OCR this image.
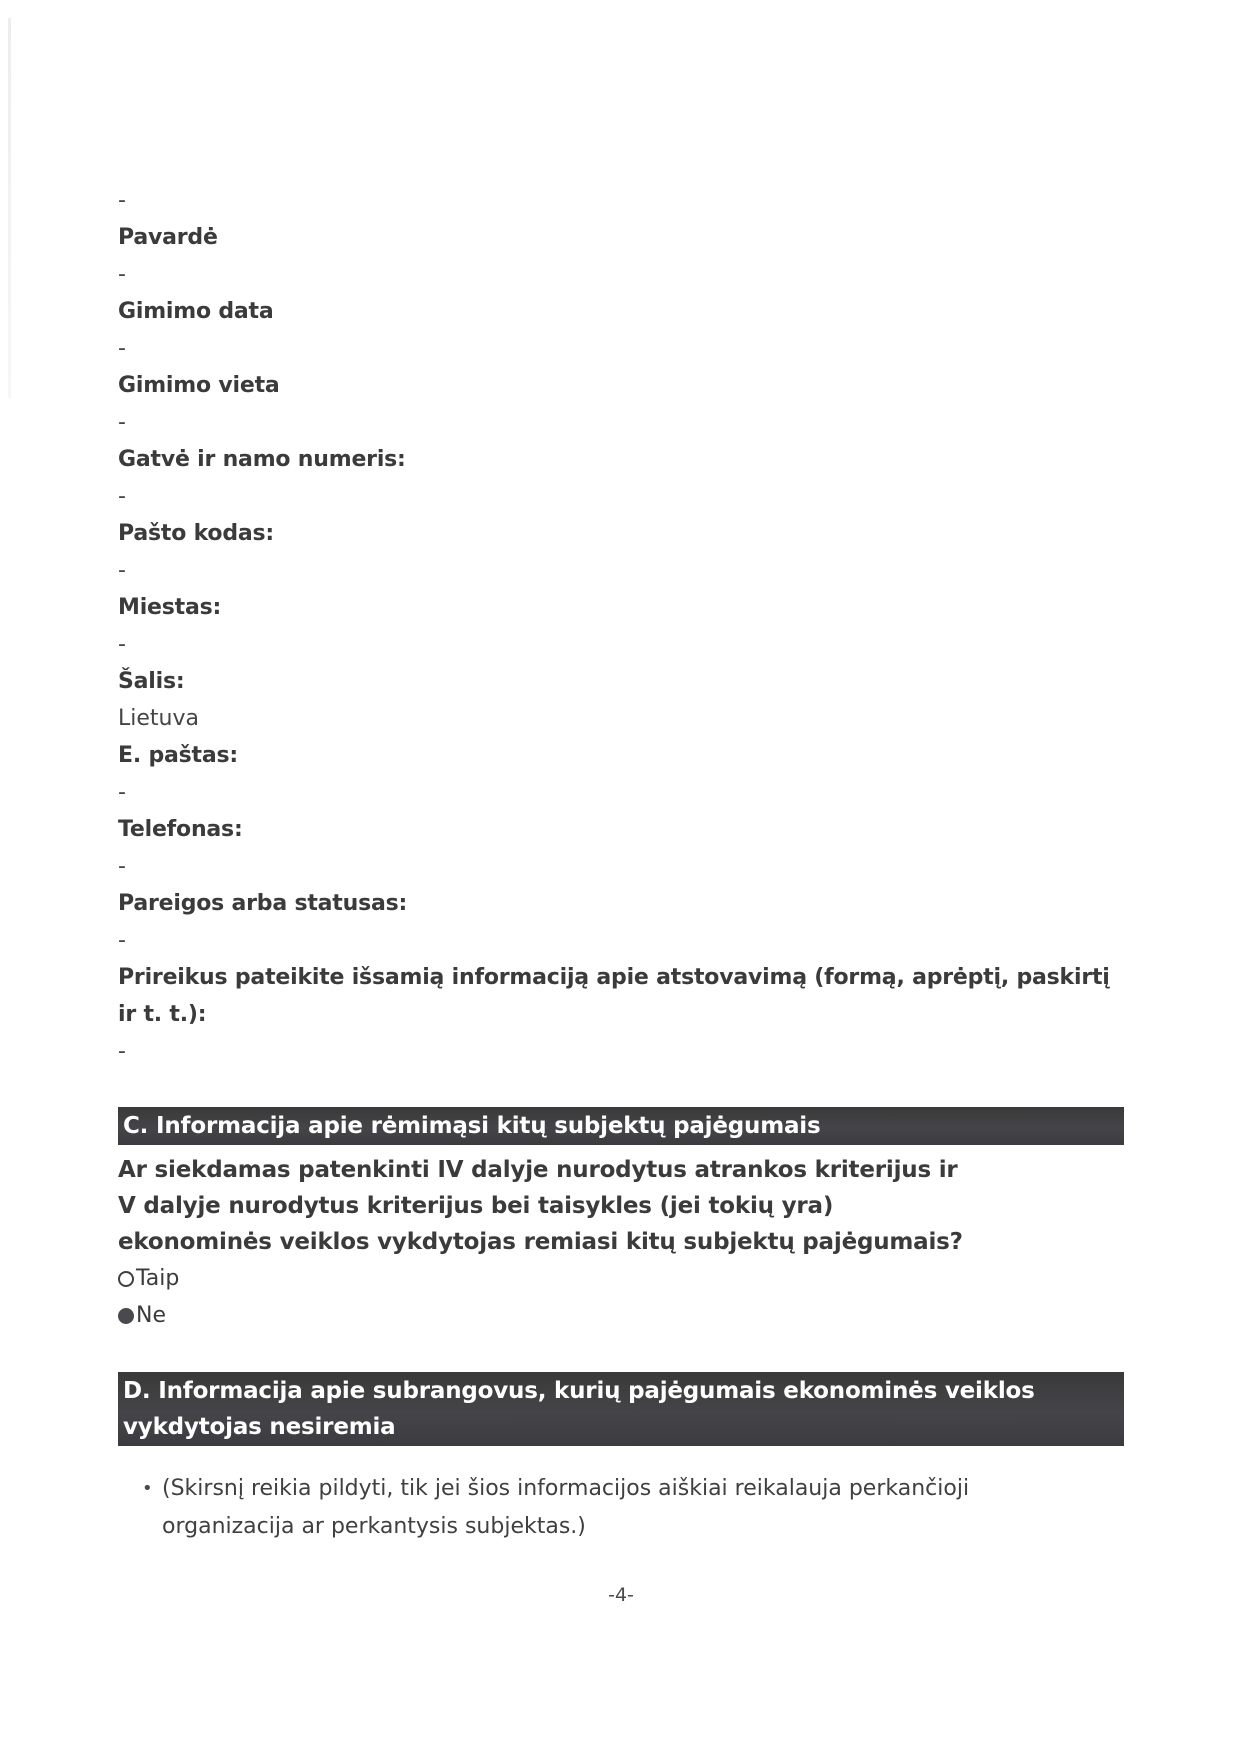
-
Pavardė
-
Gimimo data
-
Gimimo vieta
-
Gatvė ir namo numeris:
-
Pašto kodas:
-
Miestas:
-
Šalis:
Lietuva
E. paštas:
-
Telefonas:
-
Pareigos arba statusas:
-
Prireikus pateikite išsamią informaciją apie atstovavimą (formą, aprėptį, paskirtį ir t. t.):
-
C. Informacija apie rėmimąsi kitų subjektų pajėgumais
Ar siekdamas patenkinti IV dalyje nurodytus atrankos kriterijus ir V dalyje nurodytus kriterijus bei taisykles (jei tokių yra) ekonominės veiklos vykdytojas remiasi kitų subjektų pajėgumais?
Taip
Ne
D. Informacija apie subrangovus, kurių pajėgumais ekonominės veiklos vykdytojas nesiremia
• (Skirsnį reikia pildyti, tik jei šios informacijos aiškiai reikalauja perkančioji organizacija ar perkantysis subjektas.)
-4-
